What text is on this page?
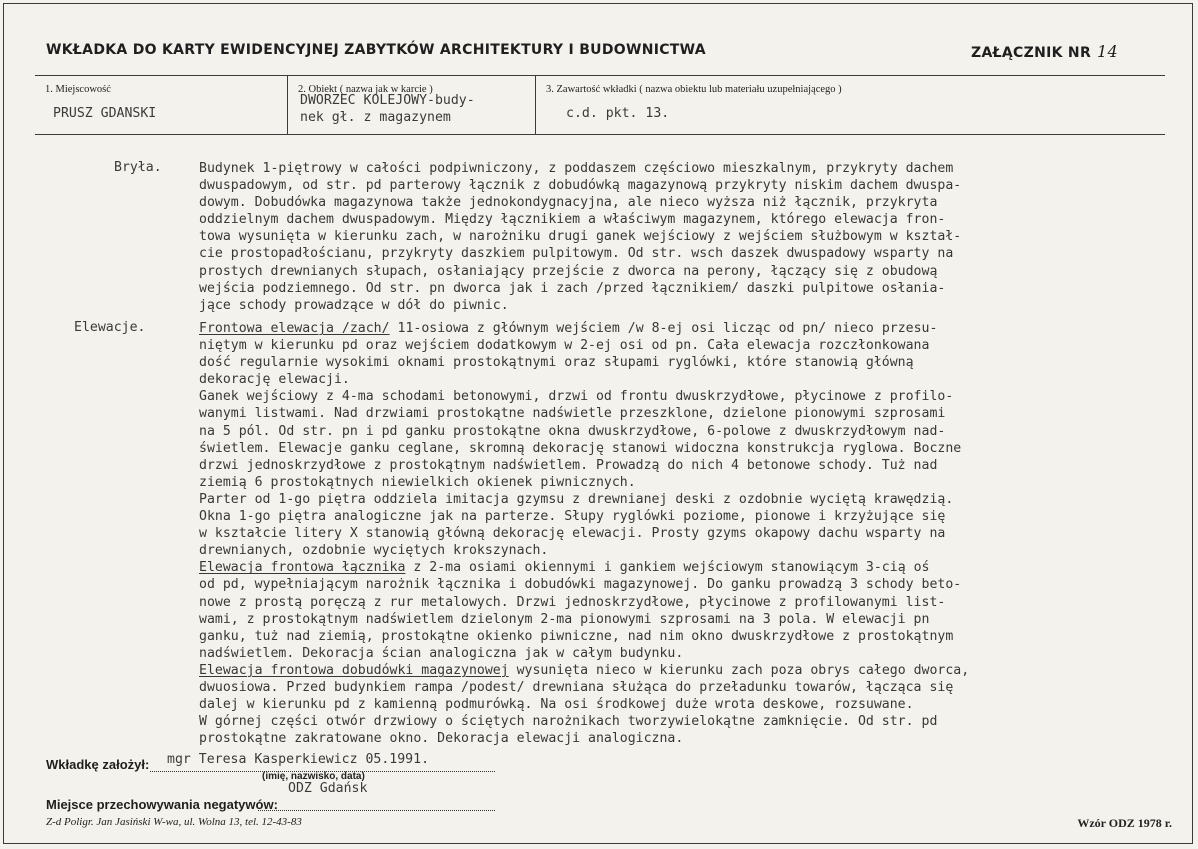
WKŁADKA DO KARTY EWIDENCYJNEJ ZABYTKÓW ARCHITEKTURY I BUDOWNICTWA	ZAŁĄCZNIK NR 14
1. Miejscowość
PRUSZ GDANSKI
2. Obiekt ( nazwa jak w karcie )
DWORZEC KOLEJOWY-budy-
nek gł. z magazynem
3. Zawartość wkładki ( nazwa obiektu lub materiału uzupełniającego )
c.d. pkt. 13.
Bryła.	Budynek 1-piętrowy w całości podpiwniczony, z poddaszem częściowo mieszkalnym, przykryty dachem
dwuspadowym, od str. pd parterowy łącznik z dobudówką magazynową przykryty niskim dachem dwuspa-
dowym. Dobudówka magazynowa także jednokondygnacyjna, ale nieco wyższa niż łącznik, przykryta
oddzielnym dachem dwuspadowym. Między łącznikiem a właściwym magazynem, którego elewacja fron-
towa wysunięta w kierunku zach, w narożniku drugi ganek wejściowy z wejściem służbowym w kształ-
cie prostopadłościanu, przykryty daszkiem pulpitowym. Od str. wsch daszek dwuspadowy wsparty na
prostych drewnianych słupach, osłaniający przejście z dworca na perony, łączący się z obudową
wejścia podziemnego. Od str. pn dworca jak i zach /przed łącznikiem/ daszki pulpitowe osłania-
jące schody prowadzące w dół do piwnic.
Elewacje.	Frontowa elewacja /zach/ 11-osiowa z głównym wejściem /w 8-ej osi licząc od pn/ nieco przesu-
niętym w kierunku pd oraz wejściem dodatkowym w 2-ej osi od pn. Cała elewacja rozczłonkowana
dość regularnie wysokimi oknami prostokątnymi oraz słupami ryglówki, które stanowią główną
dekorację elewacji.
Ganek wejściowy z 4-ma schodami betonowymi, drzwi od frontu dwuskrzydłowe, płycinowe z profilo-
wanymi listwami. Nad drzwiami prostokątne nadświetle przeszklone, dzielone pionowymi szprosami
na 5 pól. Od str. pn i pd ganku prostokątne okna dwuskrzydłowe, 6-polowe z dwuskrzydłowym nad-
świetlem. Elewacje ganku ceglane, skromną dekorację stanowi widoczna konstrukcja ryglowa. Boczne
drzwi jednoskrzydłowe z prostokątnym nadświetlem. Prowadzą do nich 4 betonowe schody. Tuż nad
ziemią 6 prostokątnych niewielkich okienek piwnicznych.
Parter od 1-go piętra oddziela imitacja gzymsu z drewnianej deski z ozdobnie wyciętą krawędzią.
Okna 1-go piętra analogiczne jak na parterze. Słupy ryglówki poziome, pionowe i krzyżujące się
w kształcie litery X stanowią główną dekorację elewacji. Prosty gzyms okapowy dachu wsparty na
drewnianych, ozdobnie wyciętych krokszynach.
Elewacja frontowa łącznika z 2-ma osiami okiennymi i gankiem wejściowym stanowiącym 3-cią oś
od pd, wypełniającym narożnik łącznika i dobudówki magazynowej. Do ganku prowadzą 3 schody beto-
nowe z prostą poręczą z rur metalowych. Drzwi jednoskrzydłowe, płycinowe z profilowanymi list-
wami, z prostokątnym nadświetlem dzielonym 2-ma pionowymi szprosami na 3 pola. W elewacji pn
ganku, tuż nad ziemią, prostokątne okienko piwniczne, nad nim okno dwuskrzydłowe z prostokątnym
nadświetlem. Dekoracja ścian analogiczna jak w całym budynku.
Elewacja frontowa dobudówki magazynowej wysunięta nieco w kierunku zach poza obrys całego dworca,
dwuosiowa. Przed budynkiem rampa /podest/ drewniana służąca do przeładunku towarów, łącząca się
dalej w kierunku pd z kamienną podmurówką. Na osi środkowej duże wrota deskowe, rozsuwane.
W górnej części otwór drzwiowy o ściętych narożnikach tworzywielokątne zamknięcie. Od str. pd
prostokątne zakratowane okno. Dekoracja elewacji analogiczna.
Wkładkę założył: mgr Teresa Kasperkiewicz 05.1991.
(imię, nazwisko, data)
Miejsce przechowywania negatywów:
ODZ Gdańsk
Z-d Poligr. Jan Jasiński W-wa, ul. Wolna 13, tel. 12-43-83	Wzór ODZ 1978 r.
